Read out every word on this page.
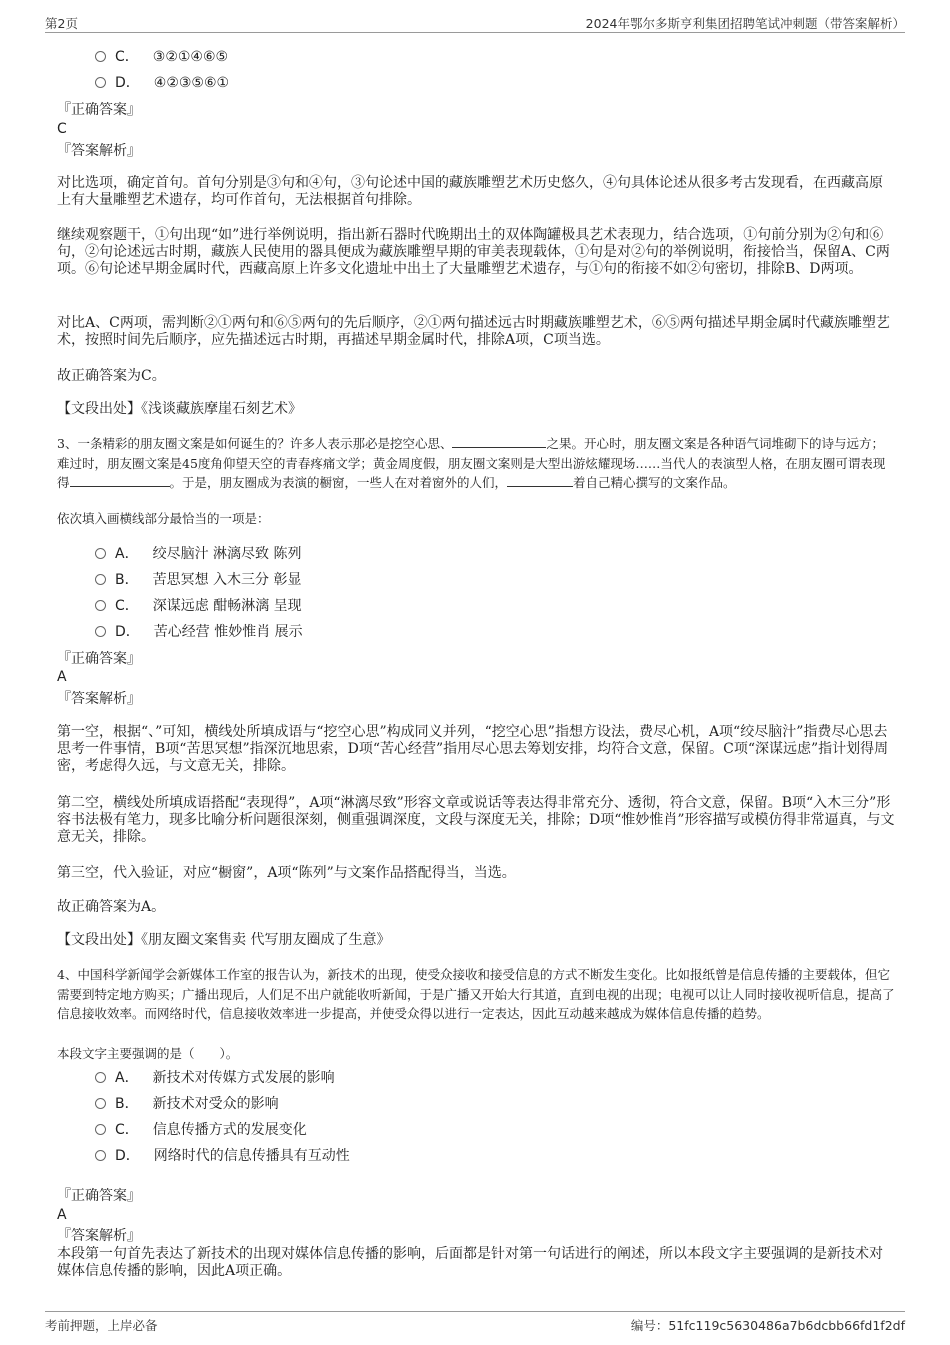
第2页	2024年鄂尔多斯亨利集团招聘笔试冲刺题（带答案解析）
C． ③②①④⑥⑤
D． ④②③⑤⑥①
『正确答案』
C
『答案解析』
对比选项，确定首句。首句分别是③句和④句，③句论述中国的藏族雕塑艺术历史悠久，④句具体论述从很多考古发现看，在西藏高原上有大量雕塑艺术遗存，均可作首句，无法根据首句排除。
继续观察题干，①句出现“如”进行举例说明，指出新石器时代晚期出土的双体陶罐极具艺术表现力，结合选项，①句前分别为②句和⑥句，②句论述远古时期，藏族人民使用的器具便成为藏族雕塑早期的审美表现载体，①句是对②句的举例说明，衔接恰当，保留A、C两项。⑥句论述早期金属时代，西藏高原上许多文化遗址中出土了大量雕塑艺术遗存，与①句的衔接不如②句密切，排除B、D两项。
对比A、C两项，需判断②①两句和⑥⑤两句的先后顺序，②①两句描述远古时期藏族雕塑艺术，⑥⑤两句描述早期金属时代藏族雕塑艺术，按照时间先后顺序，应先描述远古时期，再描述早期金属时代，排除A项，C项当选。
故正确答案为C。
【文段出处】《浅谈藏族摩崖石刻艺术》
3、一条精彩的朋友圈文案是如何诞生的？许多人表示那必是挖空心思、	之果。开心时，朋友圈文案是各种语气词堆砌下的诗与远方；难过时，朋友圈文案是45度角仰望天空的青春疼痛文学；黄金周度假，朋友圈文案则是大型出游炫耀现场……当代人的表演型人格，在朋友圈可谓表现得	。于是，朋友圈成为表演的橱窗，一些人在对着窗外的人们，	着自己精心撰写的文案作品。
依次填入画横线部分最恰当的一项是：
A． 绞尽脑汁 淋漓尽致 陈列
B． 苦思冥想 入木三分 彰显
C． 深谋远虑 酣畅淋漓 呈现
D． 苦心经营 惟妙惟肖 展示
『正确答案』
A
『答案解析』
第一空，根据“、”可知，横线处所填成语与“挖空心思”构成同义并列，“挖空心思”指想方设法，费尽心机，A项“绞尽脑汁”指费尽心思去思考一件事情，B项“苦思冥想”指深沉地思索，D项“苦心经营”指用尽心思去筹划安排，均符合文意，保留。C项“深谋远虑”指计划得周密，考虑得久远，与文意无关，排除。
第二空，横线处所填成语搭配“表现得”，A项“淋漓尽致”形容文章或说话等表达得非常充分、透彻，符合文意，保留。B项“入木三分”形容书法极有笔力，现多比喻分析问题很深刻，侧重强调深度，文段与深度无关，排除；D项“惟妙惟肖”形容描写或模仿得非常逼真，与文意无关，排除。
第三空，代入验证，对应“橱窗”，A项“陈列”与文案作品搭配得当，当选。
故正确答案为A。
【文段出处】《朋友圈文案售卖 代写朋友圈成了生意》
4、中国科学新闻学会新媒体工作室的报告认为，新技术的出现，使受众接收和接受信息的方式不断发生变化。比如报纸曾是信息传播的主要载体，但它需要到特定地方购买；广播出现后，人们足不出户就能收听新闻，于是广播又开始大行其道，直到电视的出现；电视可以让人同时接收视听信息，提高了信息接收效率。而网络时代，信息接收效率进一步提高，并使受众得以进行一定表达，因此互动越来越成为媒体信息传播的趋势。
本段文字主要强调的是（　　）。
A． 新技术对传媒方式发展的影响
B． 新技术对受众的影响
C． 信息传播方式的发展变化
D． 网络时代的信息传播具有互动性
『正确答案』
A
『答案解析』
本段第一句首先表达了新技术的出现对媒体信息传播的影响，后面都是针对第一句话进行的阐述，所以本段文字主要强调的是新技术对媒体信息传播的影响，因此A项正确。
考前押题，上岸必备	编号：51fc119c5630486a7b6dcbb66fd1f2df
